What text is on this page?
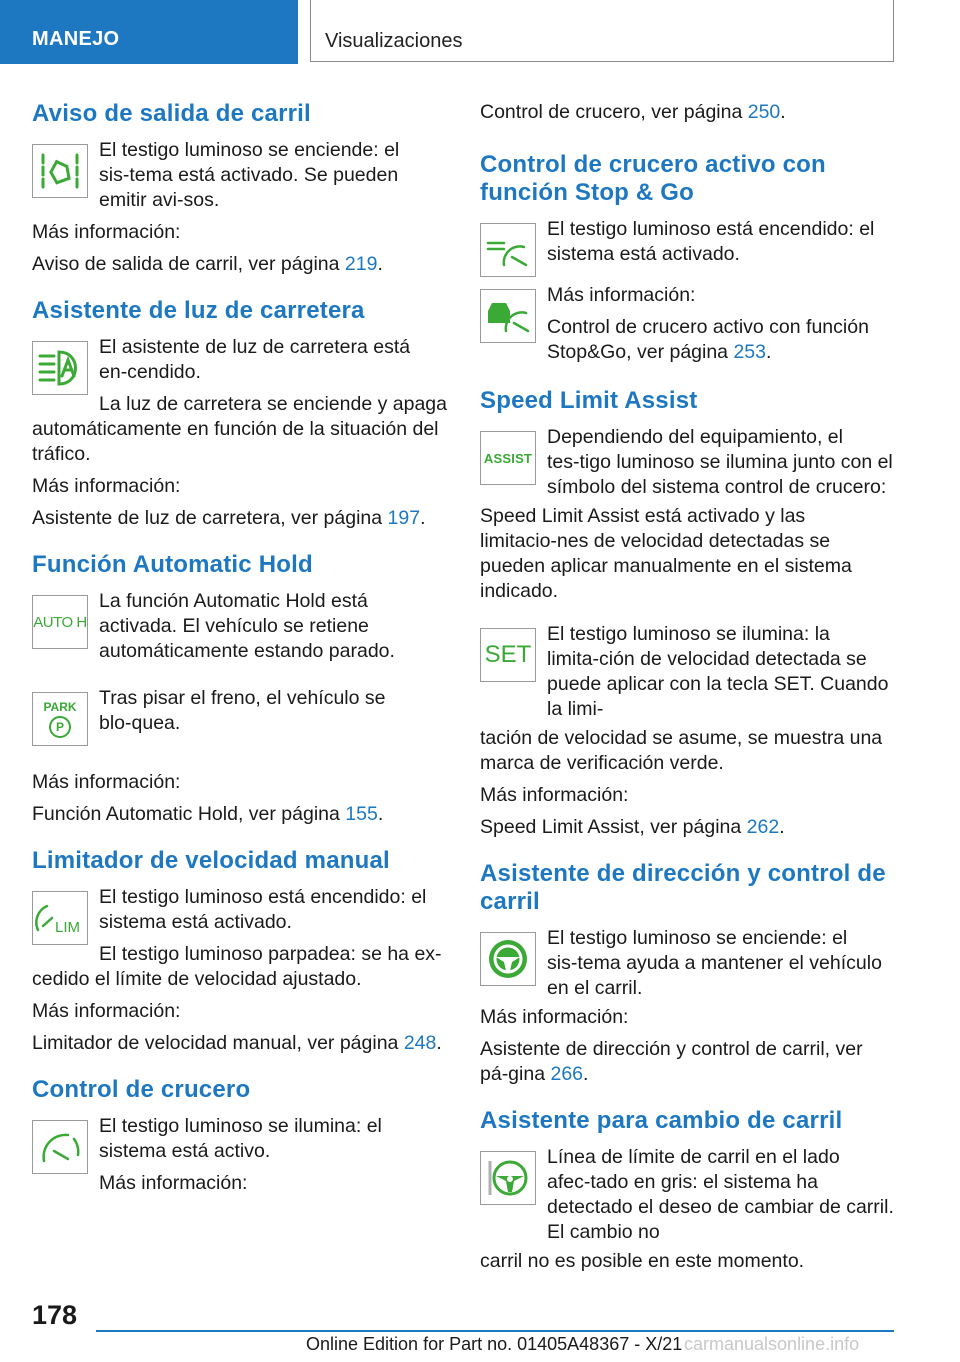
MANEJO	Visualizaciones
Aviso de salida de carril

El testigo luminoso se enciende: el sis‑tema está activado. Se pueden emitir avi‑sos.

Más información:

Aviso de salida de carril, ver página 219.

Asistente de luz de carretera

El asistente de luz de carretera está en‑cendido.

La luz de carretera se enciende y apaga

automáticamente en función de la situación del tráfico.

Más información:

Asistente de luz de carretera, ver página 197.

Función Automatic Hold
AUTO H

La función Automatic Hold está activada. El vehículo se retiene automáticamente estando parado.

PARK
P

Tras pisar el freno, el vehículo se blo‑quea.

Más información:

Función Automatic Hold, ver página 155.

Limitador de velocidad manual
LIM

El testigo luminoso está encendido: el sistema está activado.

El testigo luminoso parpadea: se ha ex‑

cedido el límite de velocidad ajustado.

Más información:

Limitador de velocidad manual, ver página 248.

Control de crucero

El testigo luminoso se ilumina: el sistema está activo.

Más información:

Control de crucero, ver página 250.

Control de crucero activo con función Stop & Go

El testigo luminoso está encendido: el sistema está activado.

Más información:

Control de crucero activo con función Stop&Go, ver página 253.

Speed Limit Assist
ASSIST

Dependiendo del equipamiento, el tes‑tigo luminoso se ilumina junto con el símbolo del sistema control de crucero:

Speed Limit Assist está activado y las limitacio‑nes de velocidad detectadas se pueden aplicar manualmente en el sistema indicado.

SET

El testigo luminoso se ilumina: la limita‑ción de velocidad detectada se puede aplicar con la tecla SET. Cuando la limi‑

tación de velocidad se asume, se muestra una marca de verificación verde.

Más información:

Speed Limit Assist, ver página 262.

Asistente de dirección y control de carril

El testigo luminoso se enciende: el sis‑tema ayuda a mantener el vehículo en el carril.

Más información:

Asistente de dirección y control de carril, ver pá‑gina 266.

Asistente para cambio de carril

Línea de límite de carril en el lado afec‑tado en gris: el sistema ha detectado el deseo de cambiar de carril. El cambio no

carril no es posible en este momento.

178
Online Edition for Part no. 01405A48367 - X/21 carmanualsonline.info
